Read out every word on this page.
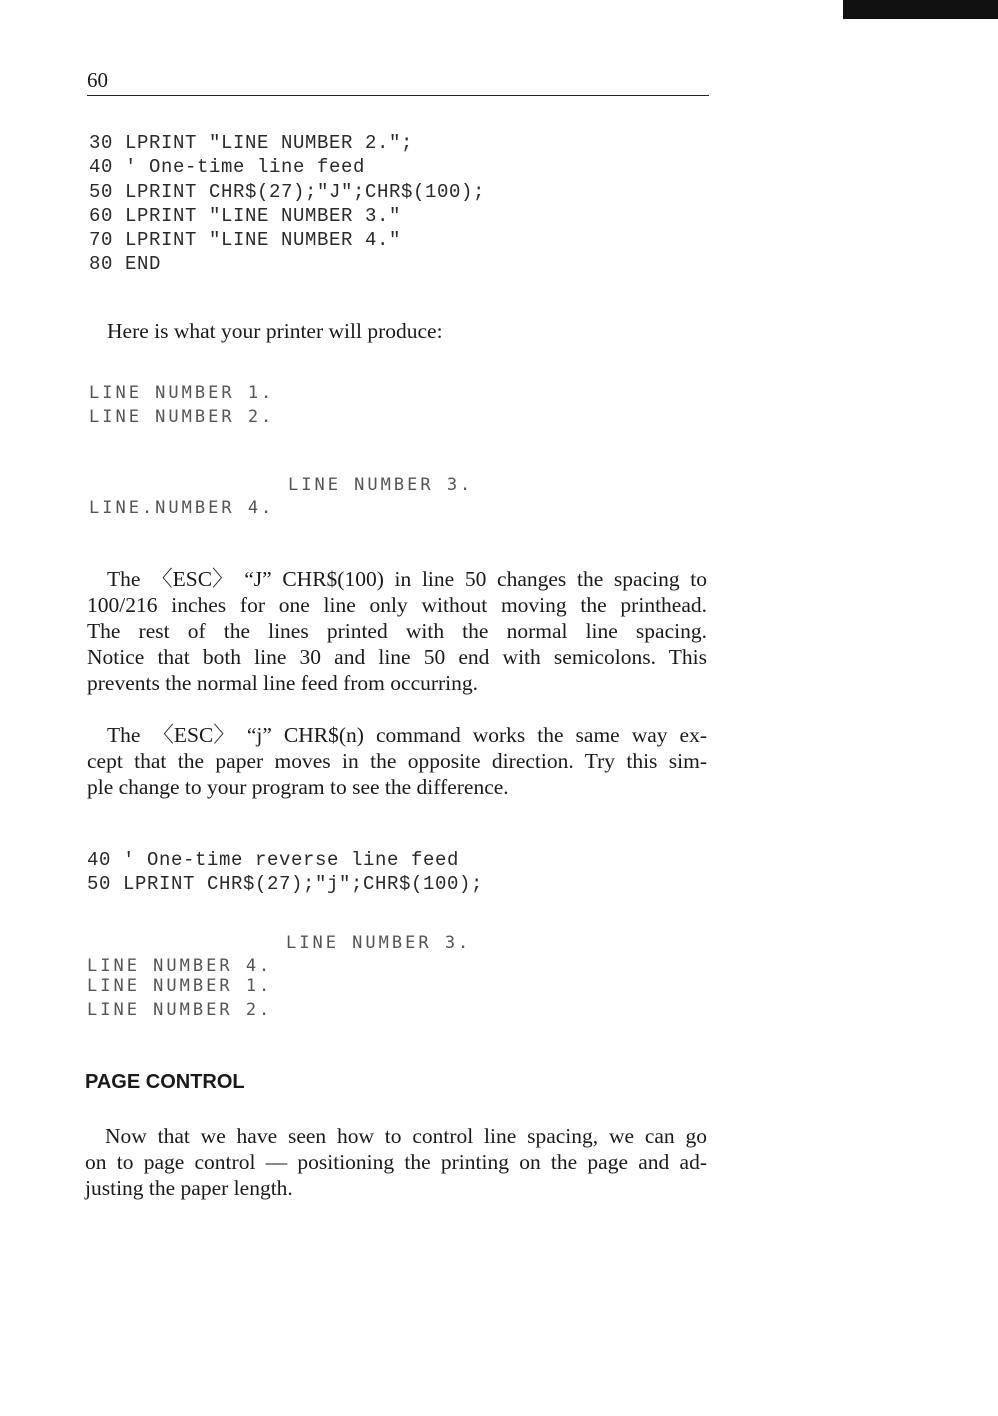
60
30 LPRINT "LINE NUMBER 2.";
40 ' One-time line feed
50 LPRINT CHR$(27);"J";CHR$(100);
60 LPRINT "LINE NUMBER 3."
70 LPRINT "LINE NUMBER 4."
80 END

Here is what your printer will produce:

LINE NUMBER 1.
LINE NUMBER 2.
LINE NUMBER 3.
LINE.NUMBER 4.
The 〈ESC〉 “J” CHR$(100) in line 50 changes the spacing to
100/216 inches for one line only without moving the printhead.
The rest of the lines printed with the normal line spacing.
Notice that both line 30 and line 50 end with semicolons. This
prevents the normal line feed from occurring.
The 〈ESC〉 “j” CHR$(n) command works the same way ex-
cept that the paper moves in the opposite direction. Try this sim-
ple change to your program to see the difference.
40 ' One-time reverse line feed
50 LPRINT CHR$(27);"j";CHR$(100);
LINE NUMBER 3.
LINE NUMBER 4.
LINE NUMBER 1.
LINE NUMBER 2.
PAGE CONTROL
Now that we have seen how to control line spacing, we can go
on to page control — positioning the printing on the page and ad-
justing the paper length.
